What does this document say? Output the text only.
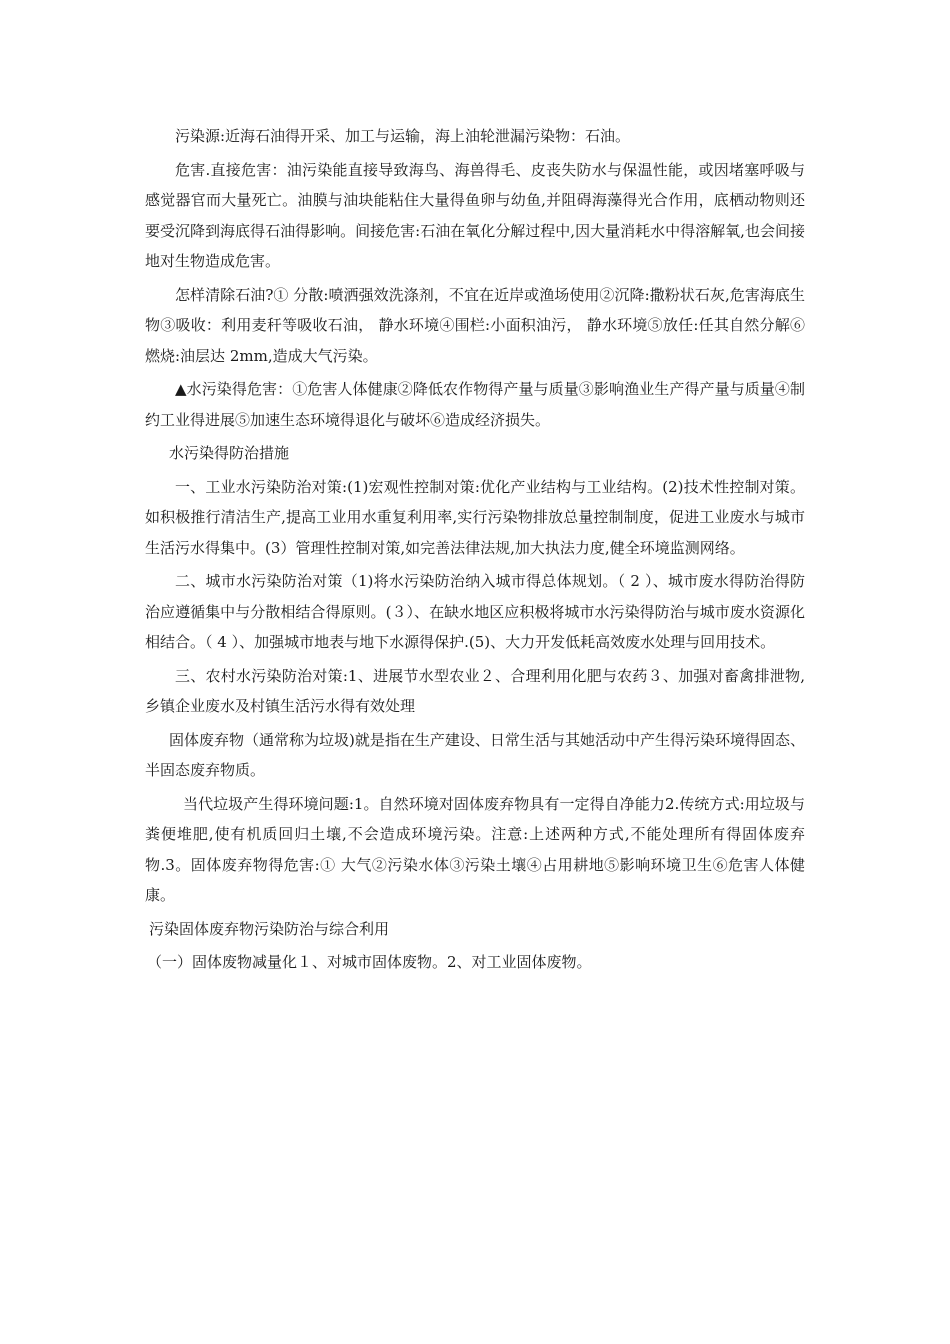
污染源:近海石油得开采、加工与运输，海上油轮泄漏污染物：石油。

危害.直接危害：油污染能直接导致海鸟、海兽得毛、皮丧失防水与保温性能，或因堵塞呼吸与感觉器官而大量死亡。油膜与油块能粘住大量得鱼卵与幼鱼,并阻碍海藻得光合作用，底栖动物则还要受沉降到海底得石油得影响。间接危害:石油在氧化分解过程中,因大量消耗水中得溶解氧,也会间接地对生物造成危害。

怎样清除石油?① 分散:喷洒强效洗涤剂，不宜在近岸或渔场使用②沉降:撒粉状石灰,危害海底生物③吸收：利用麦秆等吸收石油， 静水环境④围栏:小面积油污， 静水环境⑤放任:任其自然分解⑥燃烧:油层达 2mm,造成大气污染。

▲水污染得危害：①危害人体健康②降低农作物得产量与质量③影响渔业生产得产量与质量④制约工业得进展⑤加速生态环境得退化与破坏⑥造成经济损失。

水污染得防治措施

一、工业水污染防治对策:(1)宏观性控制对策:优化产业结构与工业结构。(2)技术性控制对策。如积极推行清洁生产,提高工业用水重复利用率,实行污染物排放总量控制制度，促进工业废水与城市生活污水得集中。(3）管理性控制对策,如完善法律法规,加大执法力度,健全环境监测网络。

二、城市水污染防治对策（1)将水污染防治纳入城市得总体规划。（ 2 ）、城市废水得防治得防治应遵循集中与分散相结合得原则。(３）、在缺水地区应积极将城市水污染得防治与城市废水资源化相结合。（ 4 ）、加强城市地表与地下水源得保护.(5)、大力开发低耗高效废水处理与回用技术。

三、农村水污染防治对策:1、进展节水型农业２、合理利用化肥与农药３、加强对畜禽排泄物,乡镇企业废水及村镇生活污水得有效处理

固体废弃物（通常称为垃圾)就是指在生产建设、日常生活与其她活动中产生得污染环境得固态、半固态废弃物质。

当代垃圾产生得环境问题:1。自然环境对固体废弃物具有一定得自净能力2.传统方式:用垃圾与粪便堆肥,使有机质回归土壤,不会造成环境污染。注意:上述两种方式,不能处理所有得固体废弃物.3。固体废弃物得危害:① 大气②污染水体③污染土壤④占用耕地⑤影响环境卫生⑥危害人体健康。

污染固体废弃物污染防治与综合利用

（一）固体废物减量化１、对城市固体废物。2、对工业固体废物。
